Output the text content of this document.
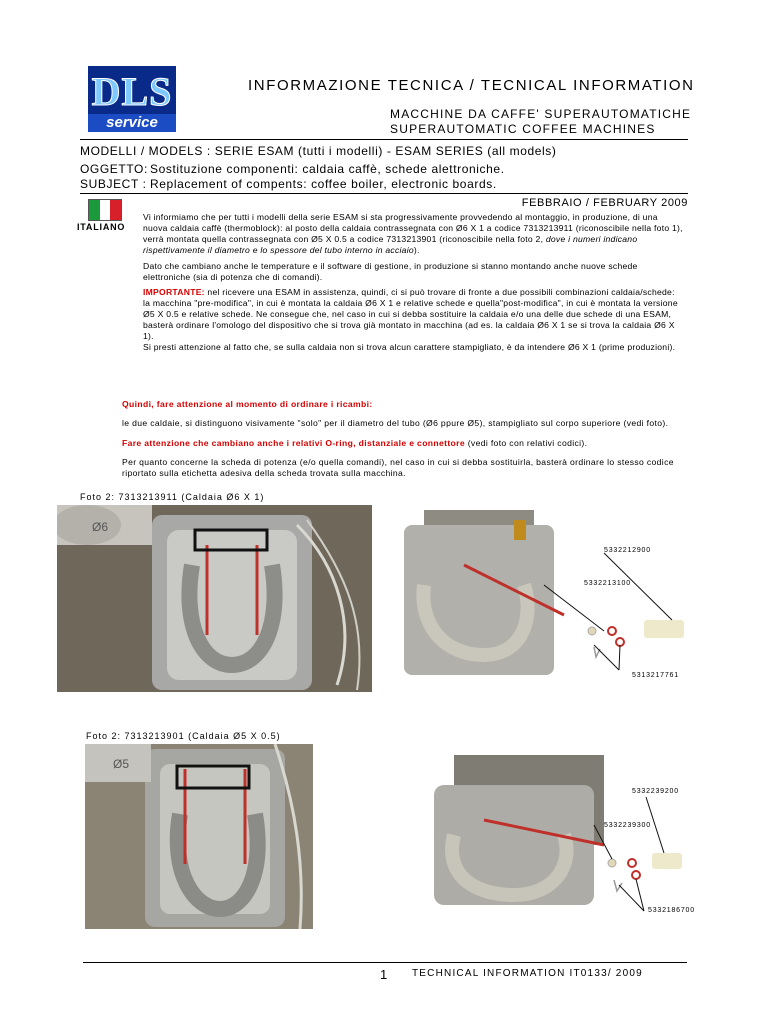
DLS
service
INFORMAZIONE TECNICA / TECNICAL INFORMATION
MACCHINE DA CAFFE' SUPERAUTOMATICHE
SUPERAUTOMATIC COFFEE MACHINES
MODELLI / MODELS : SERIE ESAM (tutti i modelli) - ESAM SERIES (all models)
OGGETTO: Sostituzione componenti: caldaia caffè, schede alettroniche.
SUBJECT : Replacement of compents: coffee boiler, electronic boards.
FEBBRAIO / FEBRUARY 2009
ITALIANO

Vi informiamo che per tutti i modelli della serie ESAM si sta progressivamente provvedendo al montaggio, in produzione, di una nuova caldaia caffè (thermoblock): al posto della caldaia contrassegnata con Ø6 X 1 a codice 7313213911 (riconoscibile nella foto 1), verrà montata quella contrassegnata con Ø5 X 0.5 a codice 7313213901 (riconoscibile nella foto 2, dove i numeri indicano rispettivamente il diametro e lo spessore del tubo interno in acciaio).

Dato che cambiano anche le temperature e il software di gestione, in produzione si stanno montando anche nuove schede elettroniche (sia di potenza che di comandi).

IMPORTANTE: nel ricevere una ESAM in assistenza, quindi, ci si può trovare di fronte a due possibili combinazioni caldaia/schede: la macchina "pre-modifica", in cui è montata la caldaia Ø6 X 1 e relative schede e quella"post-modifica", in cui è montata la versione Ø5 X 0.5 e relative schede. Ne consegue che, nel caso in cui si debba sostituire la caldaia e/o una delle due schede di una ESAM, basterà ordinare l'omologo del dispositivo che si trova già montato in macchina (ad es. la caldaia Ø6 X 1 se si trova la caldaia Ø6 X 1).

Si presti attenzione al fatto che, se sulla caldaia non si trova alcun carattere stampigliato, è da intendere Ø6 X 1 (prime produzioni).

Quindi, fare attenzione al momento di ordinare i ricambi:

le due caldaie, si distinguono visivamente "solo" per il diametro del tubo (Ø6 ppure Ø5), stampigliato sul corpo superiore (vedi foto).

Fare attenzione che cambiano anche i relativi O-ring, distanziale e connettore (vedi foto con relativi codici).

Per quanto concerne la scheda di potenza (e/o quella comandi), nel caso in cui si debba sostituirla, basterà ordinare lo stesso codice riportato sulla etichetta adesiva della scheda trovata sulla macchina.

Foto 2: 7313213911 (Caldaia Ø6 X 1)
Ø6
5332212900
5332213100
5313217761
Foto 2: 7313213901 (Caldaia Ø5 X 0.5)
Ø5
5332239200
5332239300
5332186700
1 TECHNICAL INFORMATION IT0133/ 2009
